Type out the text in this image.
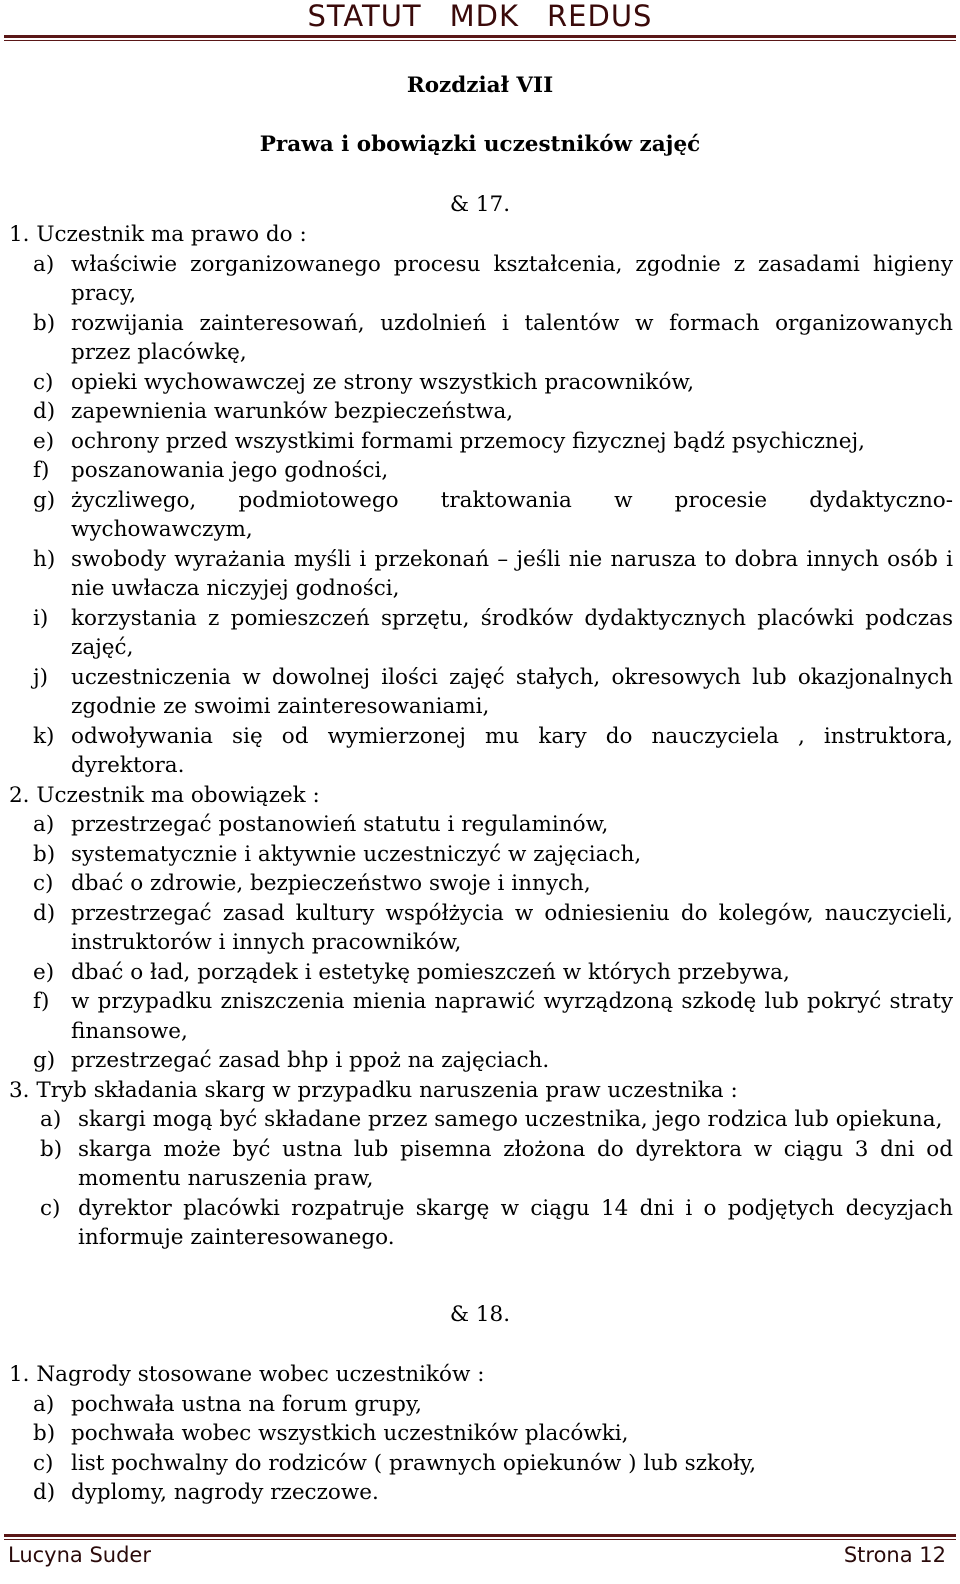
STATUT MDK REDUS
Rozdział VII
Prawa i obowiązki uczestników zajęć
& 17.
1. Uczestnik ma prawo do :
a) właściwie zorganizowanego procesu kształcenia, zgodnie z zasadami higieny pracy,
b) rozwijania zainteresowań, uzdolnień i talentów w formach organizowanych przez placówkę,
c) opieki wychowawczej ze strony wszystkich pracowników,
d) zapewnienia warunków bezpieczeństwa,
e) ochrony przed wszystkimi formami przemocy fizycznej bądź psychicznej,
f) poszanowania jego godności,
g) życzliwego, podmiotowego traktowania w procesie dydaktyczno-wychowawczym,
h) swobody wyrażania myśli i przekonań – jeśli nie narusza to dobra innych osób i nie uwłacza niczyjej godności,
i) korzystania z pomieszczeń sprzętu, środków dydaktycznych placówki podczas zajęć,
j) uczestniczenia w dowolnej ilości zajęć stałych, okresowych lub okazjonalnych zgodnie ze swoimi zainteresowaniami,
k) odwoływania się od wymierzonej mu kary do nauczyciela , instruktora, dyrektora.
2. Uczestnik ma obowiązek :
a) przestrzegać postanowień statutu i regulaminów,
b) systematycznie i aktywnie uczestniczyć w zajęciach,
c) dbać o zdrowie, bezpieczeństwo swoje i innych,
d) przestrzegać zasad kultury współżycia w odniesieniu do kolegów, nauczycieli, instruktorów i innych pracowników,
e) dbać o ład, porządek i estetykę pomieszczeń w których przebywa,
f) w przypadku zniszczenia mienia naprawić wyrządzoną szkodę lub pokryć straty finansowe,
g) przestrzegać zasad bhp i ppoż na zajęciach.
3. Tryb składania skarg w przypadku naruszenia praw uczestnika :
a) skargi mogą być składane przez samego uczestnika, jego rodzica lub opiekuna,
b) skarga może być ustna lub pisemna złożona do dyrektora w ciągu 3 dni od momentu naruszenia praw,
c) dyrektor placówki rozpatruje skargę w ciągu 14 dni i o podjętych decyzjach informuje zainteresowanego.
& 18.
1. Nagrody stosowane wobec uczestników :
a) pochwała ustna na forum grupy,
b) pochwała wobec wszystkich uczestników placówki,
c) list pochwalny do rodziców ( prawnych opiekunów ) lub szkoły,
d) dyplomy, nagrody rzeczowe.
Lucyna Suder	Strona 12
